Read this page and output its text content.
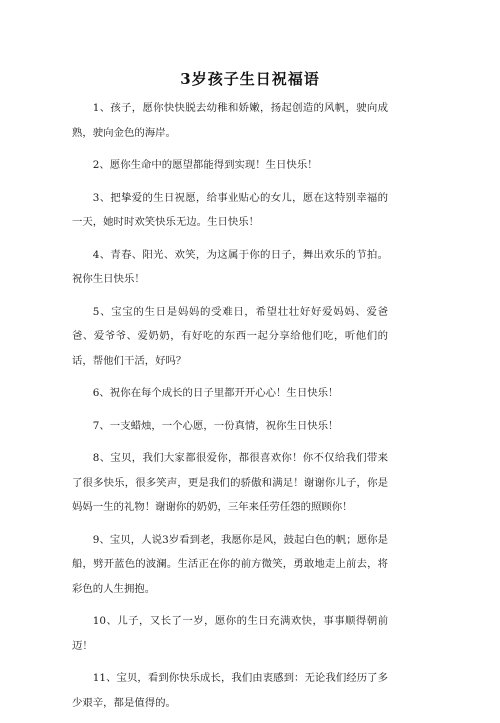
3岁孩子生日祝福语

1、孩子，愿你快快脱去幼稚和娇嫩，扬起创造的风帆，驶向成熟，驶向金色的海岸。

2、愿你生命中的愿望都能得到实现！生日快乐！

3、把挚爱的生日祝愿，给事业贴心的女儿，愿在这特别幸福的一天，她时时欢笑快乐无边。生日快乐！

4、青春、阳光、欢笑，为这属于你的日子，舞出欢乐的节拍。祝你生日快乐！

5、宝宝的生日是妈妈的受难日，希望壮壮好好爱妈妈、爱爸爸、爱爷爷、爱奶奶，有好吃的东西一起分享给他们吃，听他们的话，帮他们干活，好吗？

6、祝你在每个成长的日子里都开开心心！生日快乐！

7、一支蜡烛，一个心愿，一份真情，祝你生日快乐！

8、宝贝，我们大家都很爱你，都很喜欢你！你不仅给我们带来了很多快乐，很多笑声，更是我们的骄傲和满足！谢谢你儿子，你是妈妈一生的礼物！谢谢你的奶奶，三年来任劳任怨的照顾你！

9、宝贝，人说3岁看到老，我愿你是风，鼓起白色的帆；愿你是船，劈开蓝色的波澜。生活正在你的前方微笑，勇敢地走上前去，将彩色的人生拥抱。

10、儿子，又长了一岁，愿你的生日充满欢快，事事顺得朝前迈！

11、宝贝，看到你快乐成长，我们由衷感到：无论我们经历了多少艰辛，都是值得的。
